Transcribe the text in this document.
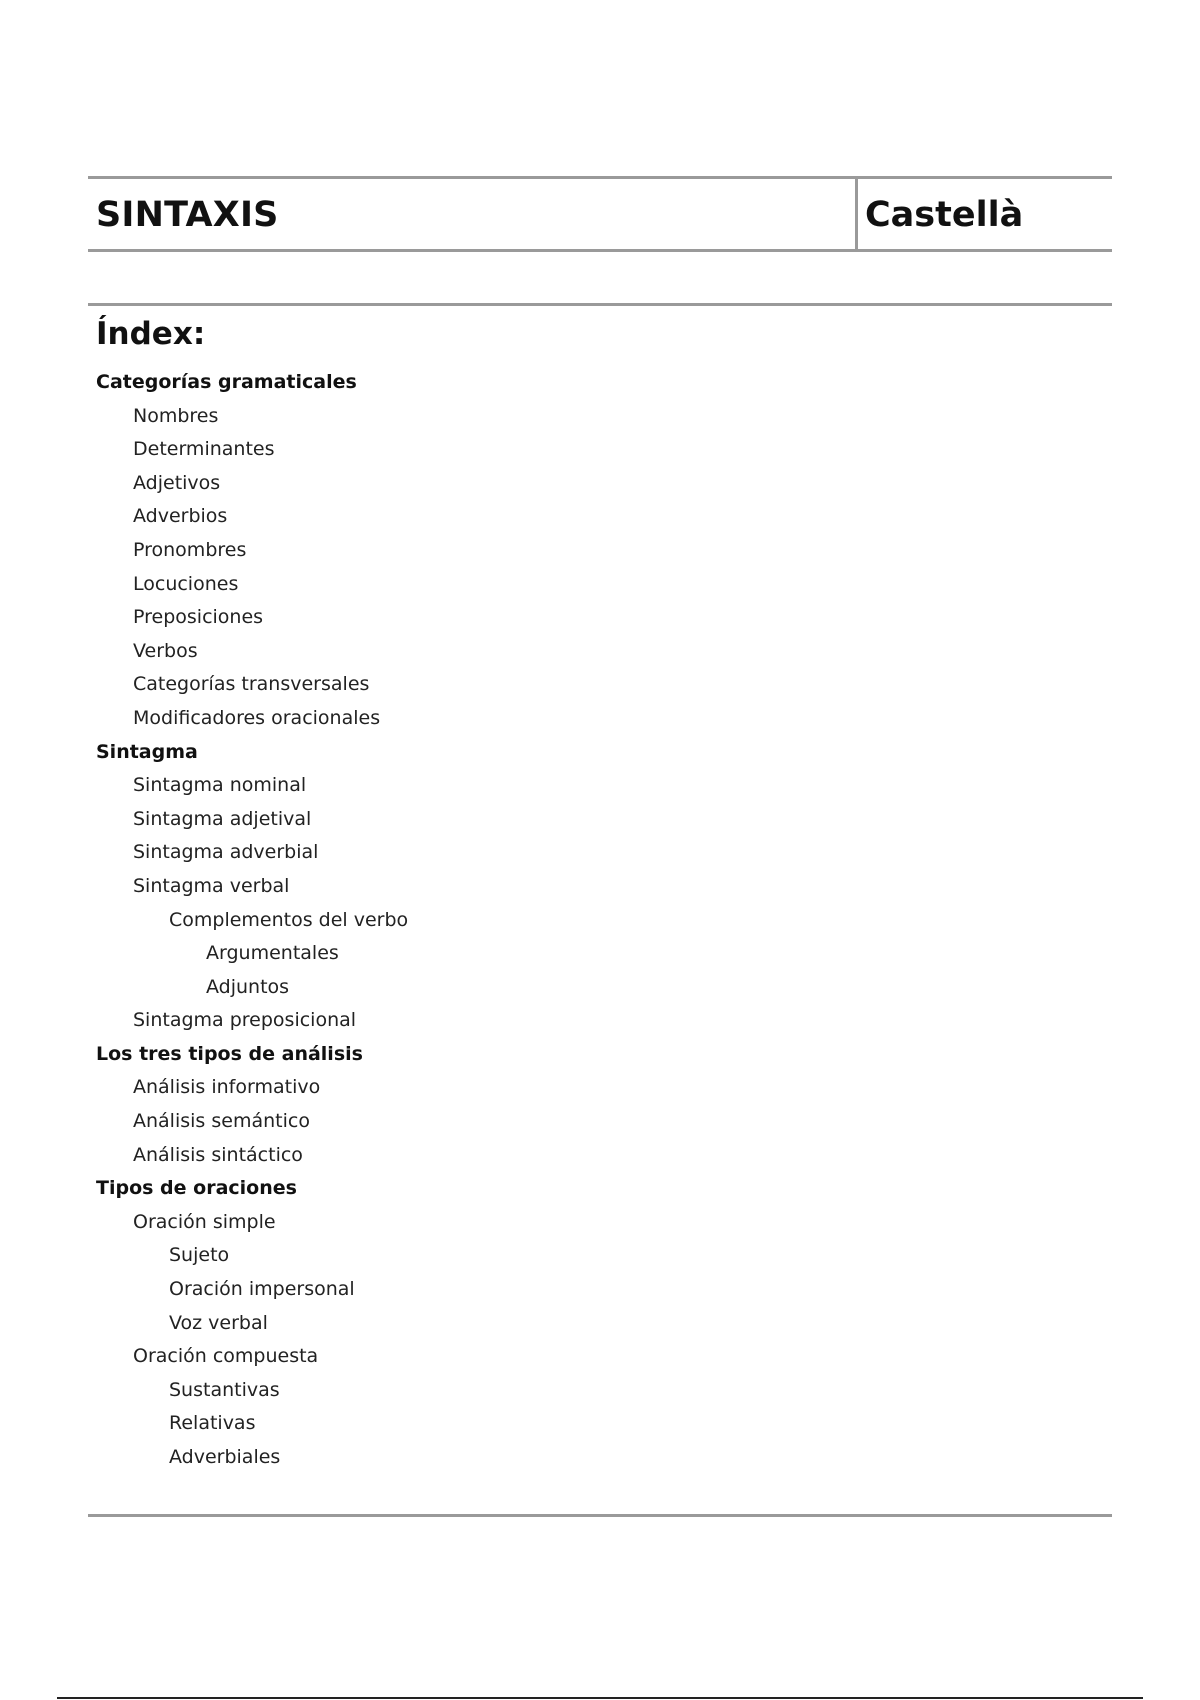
SINTAXIS	Castellà
Índex:
Categorías gramaticales
Nombres
Determinantes
Adjetivos
Adverbios
Pronombres
Locuciones
Preposiciones
Verbos
Categorías transversales
Modificadores oracionales
Sintagma
Sintagma nominal
Sintagma adjetival
Sintagma adverbial
Sintagma verbal
Complementos del verbo
Argumentales
Adjuntos
Sintagma preposicional
Los tres tipos de análisis
Análisis informativo
Análisis semántico
Análisis sintáctico
Tipos de oraciones
Oración simple
Sujeto
Oración impersonal
Voz verbal
Oración compuesta
Sustantivas
Relativas
Adverbiales
